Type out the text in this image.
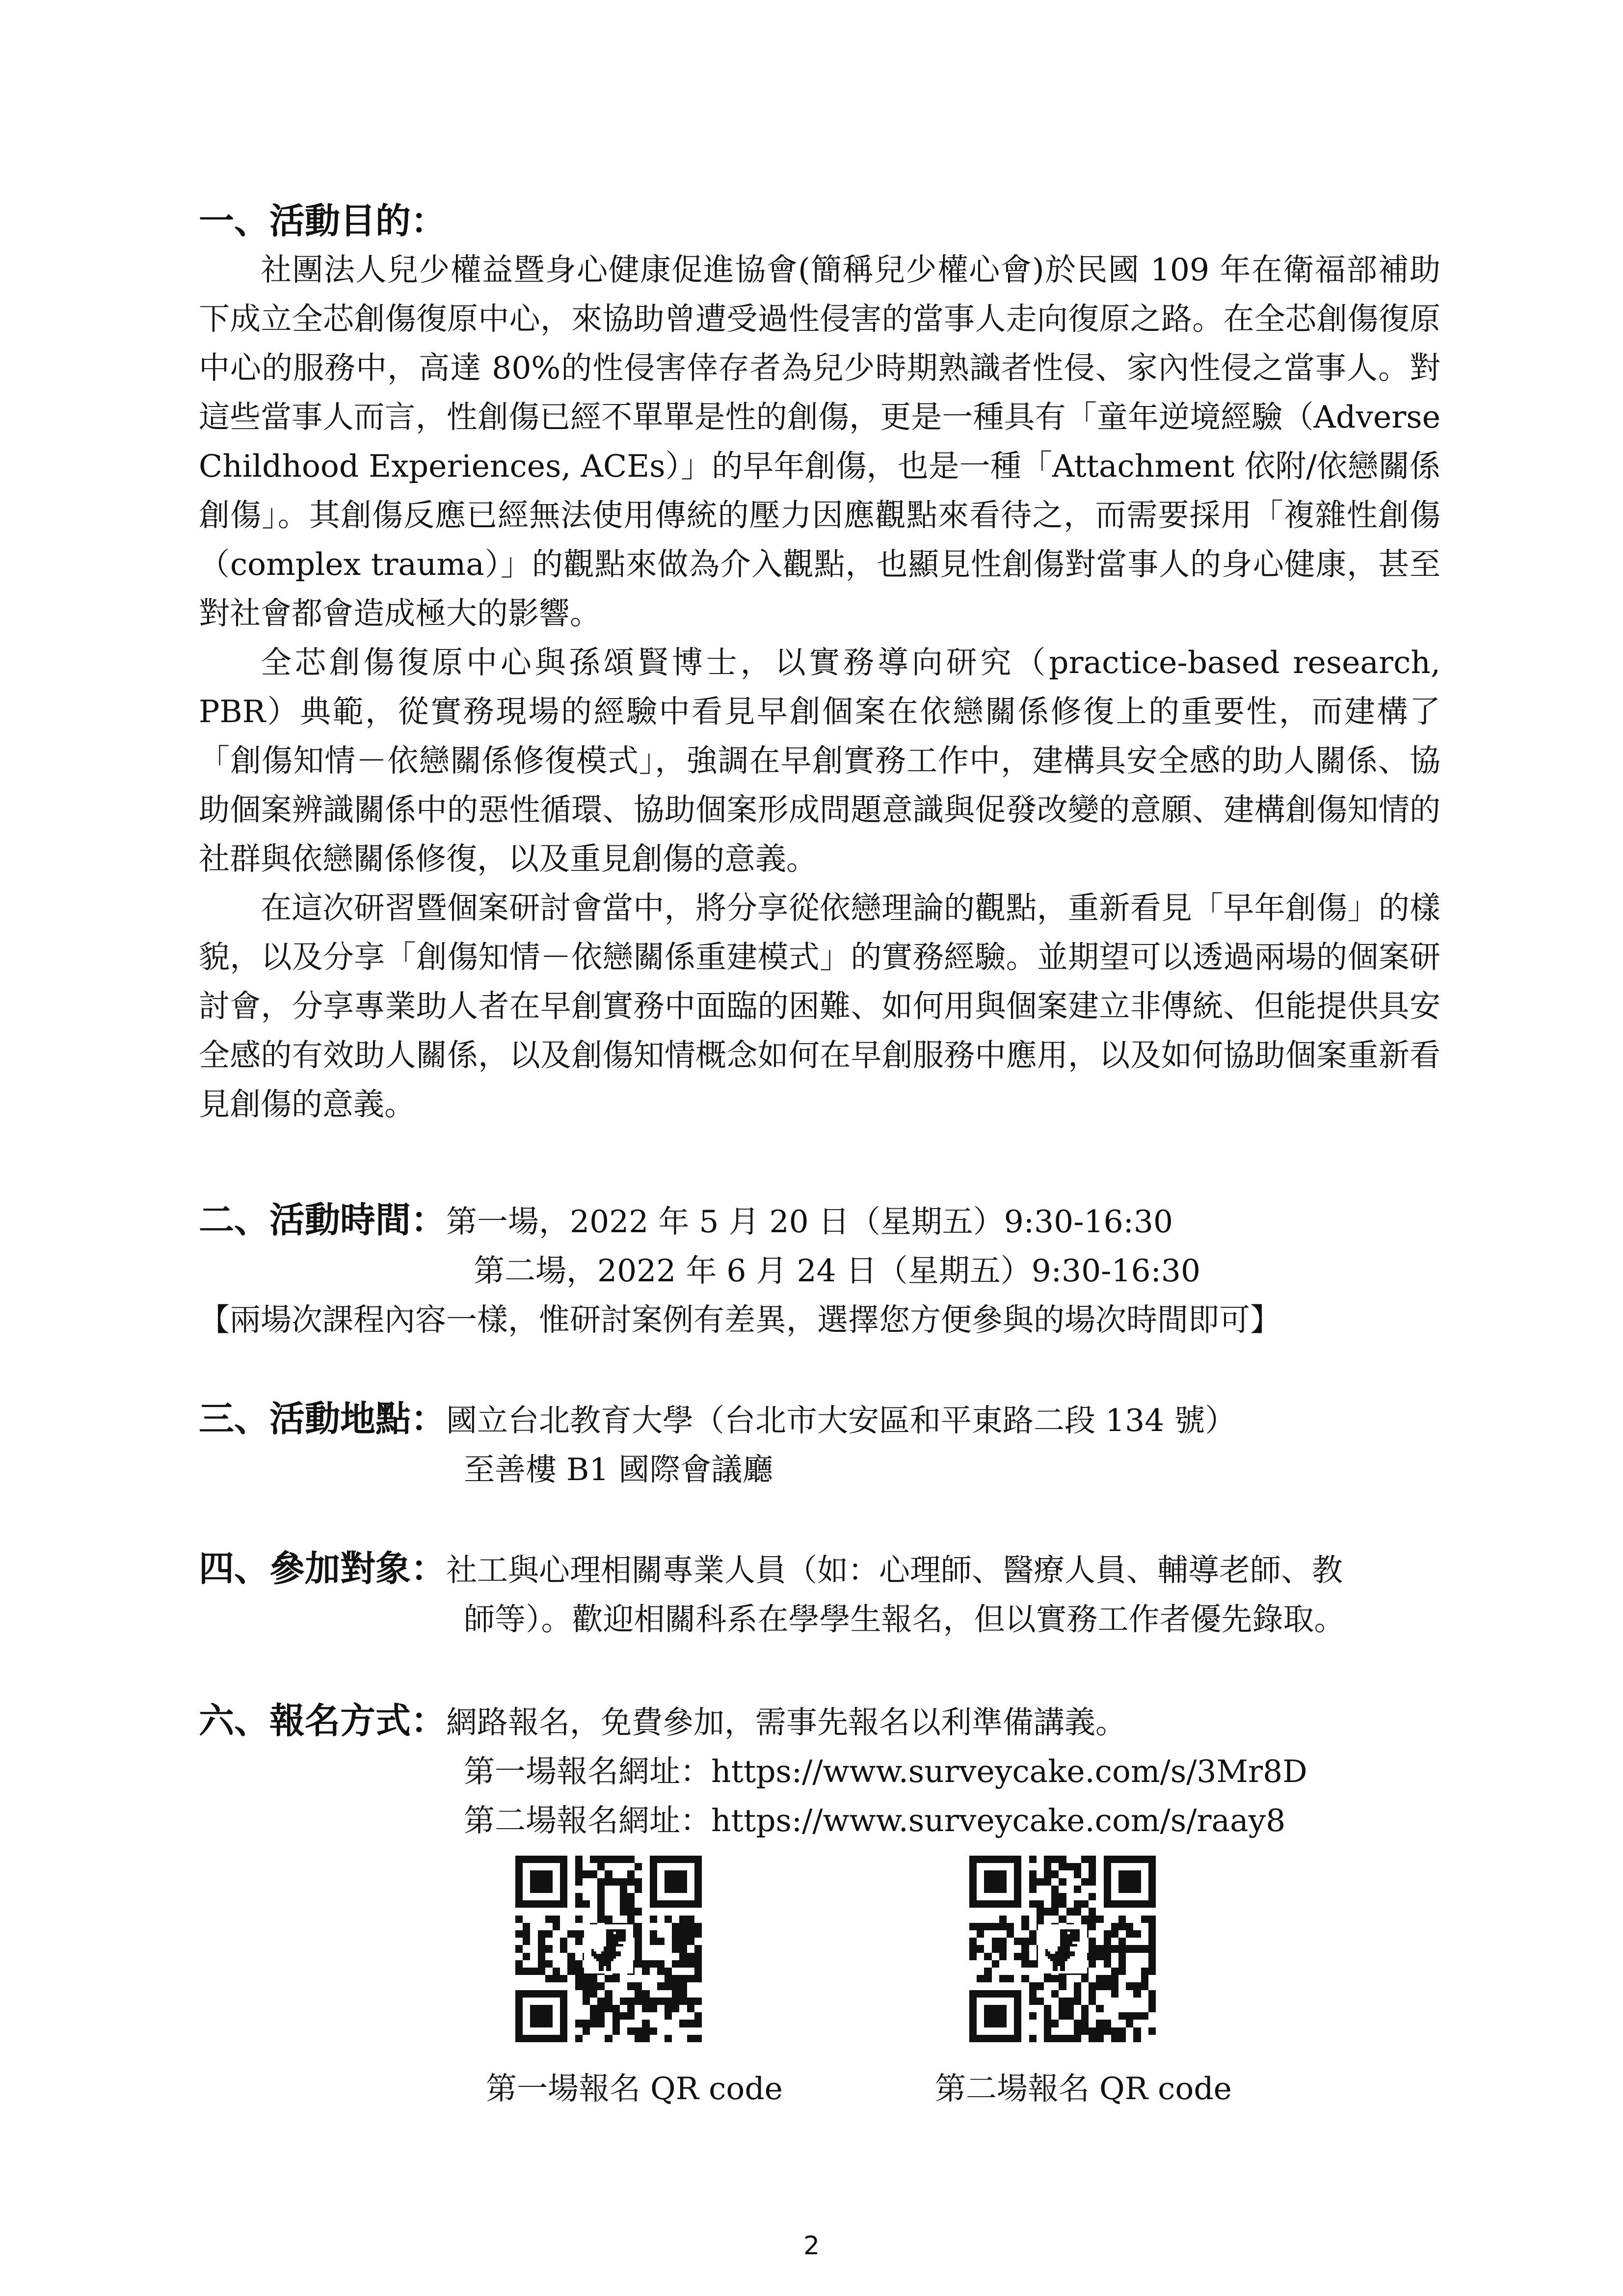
一、活動目的：

社團法人兒少權益暨身心健康促進協會(簡稱兒少權心會)於民國 109 年在衛福部補助下成立全芯創傷復原中心，來協助曾遭受過性侵害的當事人走向復原之路。在全芯創傷復原中心的服務中，高達 80%的性侵害倖存者為兒少時期熟識者性侵、家內性侵之當事人。對這些當事人而言，性創傷已經不單單是性的創傷，更是一種具有「童年逆境經驗（Adverse Childhood Experiences, ACEs）」的早年創傷，也是一種「Attachment 依附/依戀關係創傷」。其創傷反應已經無法使用傳統的壓力因應觀點來看待之，而需要採用「複雜性創傷（complex trauma）」的觀點來做為介入觀點，也顯見性創傷對當事人的身心健康，甚至對社會都會造成極大的影響。

全芯創傷復原中心與孫頌賢博士，以實務導向研究（practice-based research, PBR）典範，從實務現場的經驗中看見早創個案在依戀關係修復上的重要性，而建構了「創傷知情－依戀關係修復模式」，強調在早創實務工作中，建構具安全感的助人關係、協助個案辨識關係中的惡性循環、協助個案形成問題意識與促發改變的意願、建構創傷知情的社群與依戀關係修復，以及重見創傷的意義。

在這次研習暨個案研討會當中，將分享從依戀理論的觀點，重新看見「早年創傷」的樣貌，以及分享「創傷知情－依戀關係重建模式」的實務經驗。並期望可以透過兩場的個案研討會，分享專業助人者在早創實務中面臨的困難、如何用與個案建立非傳統、但能提供具安全感的有效助人關係，以及創傷知情概念如何在早創服務中應用，以及如何協助個案重新看見創傷的意義。

二、活動時間： 第一場，2022 年 5 月 20 日（星期五）9:30-16:30
第二場，2022 年 6 月 24 日（星期五）9:30-16:30
【兩場次課程內容一樣，惟研討案例有差異，選擇您方便參與的場次時間即可】
三、活動地點： 國立台北教育大學（台北市大安區和平東路二段 134 號）
至善樓 B1 國際會議廳
四、參加對象： 社工與心理相關專業人員（如：心理師、醫療人員、輔導老師、教
師等）。歡迎相關科系在學學生報名，但以實務工作者優先錄取。
六、報名方式： 網路報名，免費參加，需事先報名以利準備講義。
第一場報名網址：https://www.surveycake.com/s/3Mr8D
第二場報名網址：https://www.surveycake.com/s/raay8
第一場報名 QR code	第二場報名 QR code
2
